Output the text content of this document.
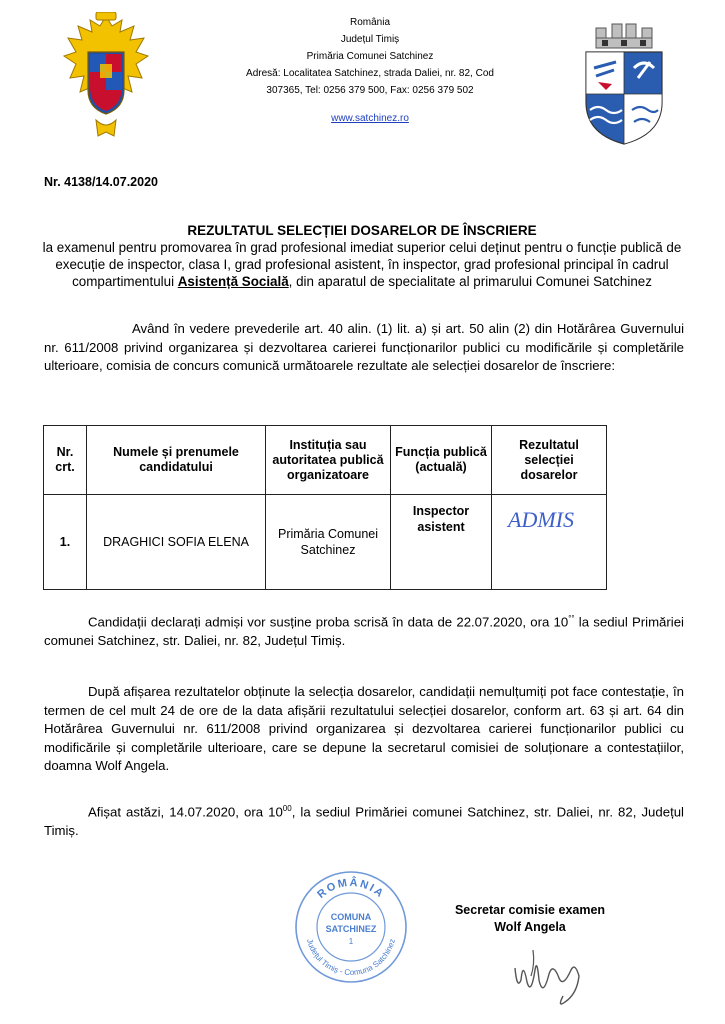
România
Județul Timiș
Primăria Comunei Satchinez
Adresă: Localitatea Satchinez, strada Daliei, nr. 82, Cod
307365, Tel: 0256 379 500, Fax: 0256 379 502
www.satchinez.ro
Nr. 4138/14.07.2020
REZULTATUL SELECȚIEI DOSARELOR DE ÎNSCRIERE
la examenul pentru promovarea în grad profesional imediat superior celui deținut pentru o funcție publică de execuție de inspector, clasa I, grad profesional asistent, în inspector, grad profesional principal în cadrul compartimentului Asistență Socială, din aparatul de specialitate al primarului Comunei Satchinez
Având în vedere prevederile art. 40 alin. (1) lit. a) și art. 50 alin (2) din Hotărârea Guvernului nr. 611/2008 privind organizarea și dezvoltarea carierei funcționarilor publici cu modificările și completările ulterioare, comisia de concurs comunică următoarele rezultate ale selecției dosarelor de înscriere:
Nr. crt.	Numele și prenumele candidatului	Instituția sau autoritatea publică organizatoare	Funcția publică (actuală)	Rezultatul selecției dosarelor
1.	DRAGHICI SOFIA ELENA	Primăria Comunei Satchinez	Inspector asistent	ADMIS
Candidații declarați admiși vor susține proba scrisă în data de 22.07.2020, ora 10°° la sediul Primăriei comunei Satchinez, str. Daliei, nr. 82, Județul Timiș.
După afișarea rezultatelor obținute la selecția dosarelor, candidații nemulțumiți pot face contestație, în termen de cel mult 24 de ore de la data afișării rezultatului selecției dosarelor, conform art. 63 și art. 64 din Hotărârea Guvernului nr. 611/2008 privind organizarea și dezvoltarea carierei funcționarilor publici cu modificările și completările ulterioare, care se depune la secretarul comisiei de soluționare a contestațiilor, doamna Wolf Angela.
Afișat astăzi, 14.07.2020, ora $10^{00}$, la sediul Primăriei comunei Satchinez, str. Daliei, nr. 82, Județul Timiș.
ROMÂNIA
Județul Timiș - Comuna Satchinez
COMUNA
SATCHINEZ
1
Secretar comisie examen
Wolf Angela
